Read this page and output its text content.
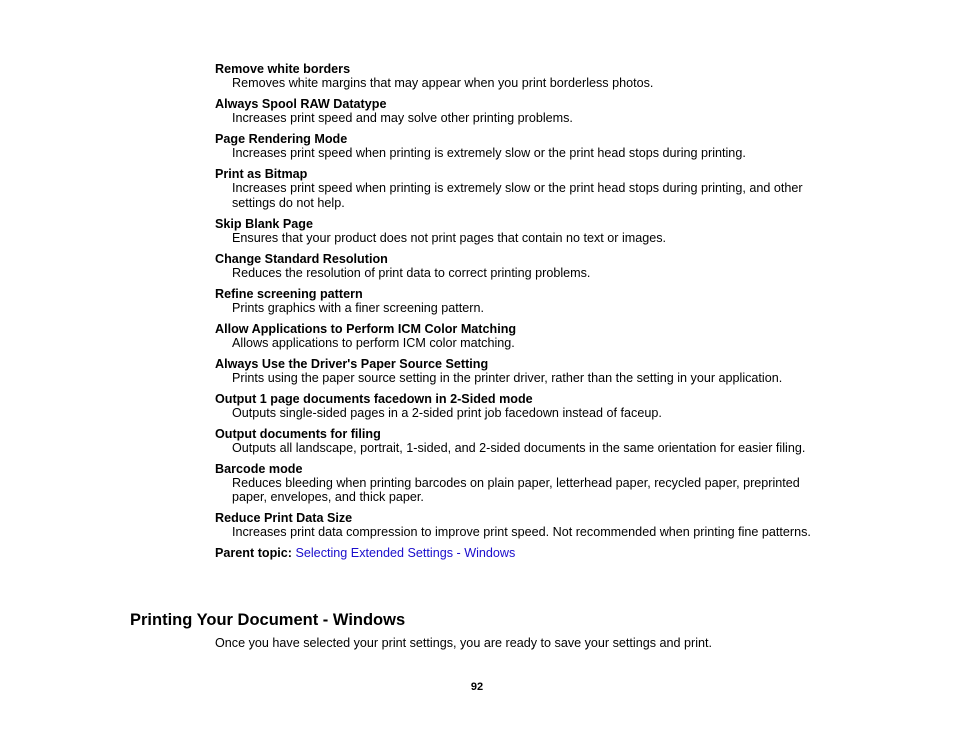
Remove white borders
Removes white margins that may appear when you print borderless photos.
Always Spool RAW Datatype
Increases print speed and may solve other printing problems.
Page Rendering Mode
Increases print speed when printing is extremely slow or the print head stops during printing.
Print as Bitmap
Increases print speed when printing is extremely slow or the print head stops during printing, and other settings do not help.
Skip Blank Page
Ensures that your product does not print pages that contain no text or images.
Change Standard Resolution
Reduces the resolution of print data to correct printing problems.
Refine screening pattern
Prints graphics with a finer screening pattern.
Allow Applications to Perform ICM Color Matching
Allows applications to perform ICM color matching.
Always Use the Driver's Paper Source Setting
Prints using the paper source setting in the printer driver, rather than the setting in your application.
Output 1 page documents facedown in 2-Sided mode
Outputs single-sided pages in a 2-sided print job facedown instead of faceup.
Output documents for filing
Outputs all landscape, portrait, 1-sided, and 2-sided documents in the same orientation for easier filing.
Barcode mode
Reduces bleeding when printing barcodes on plain paper, letterhead paper, recycled paper, preprinted paper, envelopes, and thick paper.
Reduce Print Data Size
Increases print data compression to improve print speed. Not recommended when printing fine patterns.
Parent topic: Selecting Extended Settings - Windows
Printing Your Document - Windows

Once you have selected your print settings, you are ready to save your settings and print.

92
